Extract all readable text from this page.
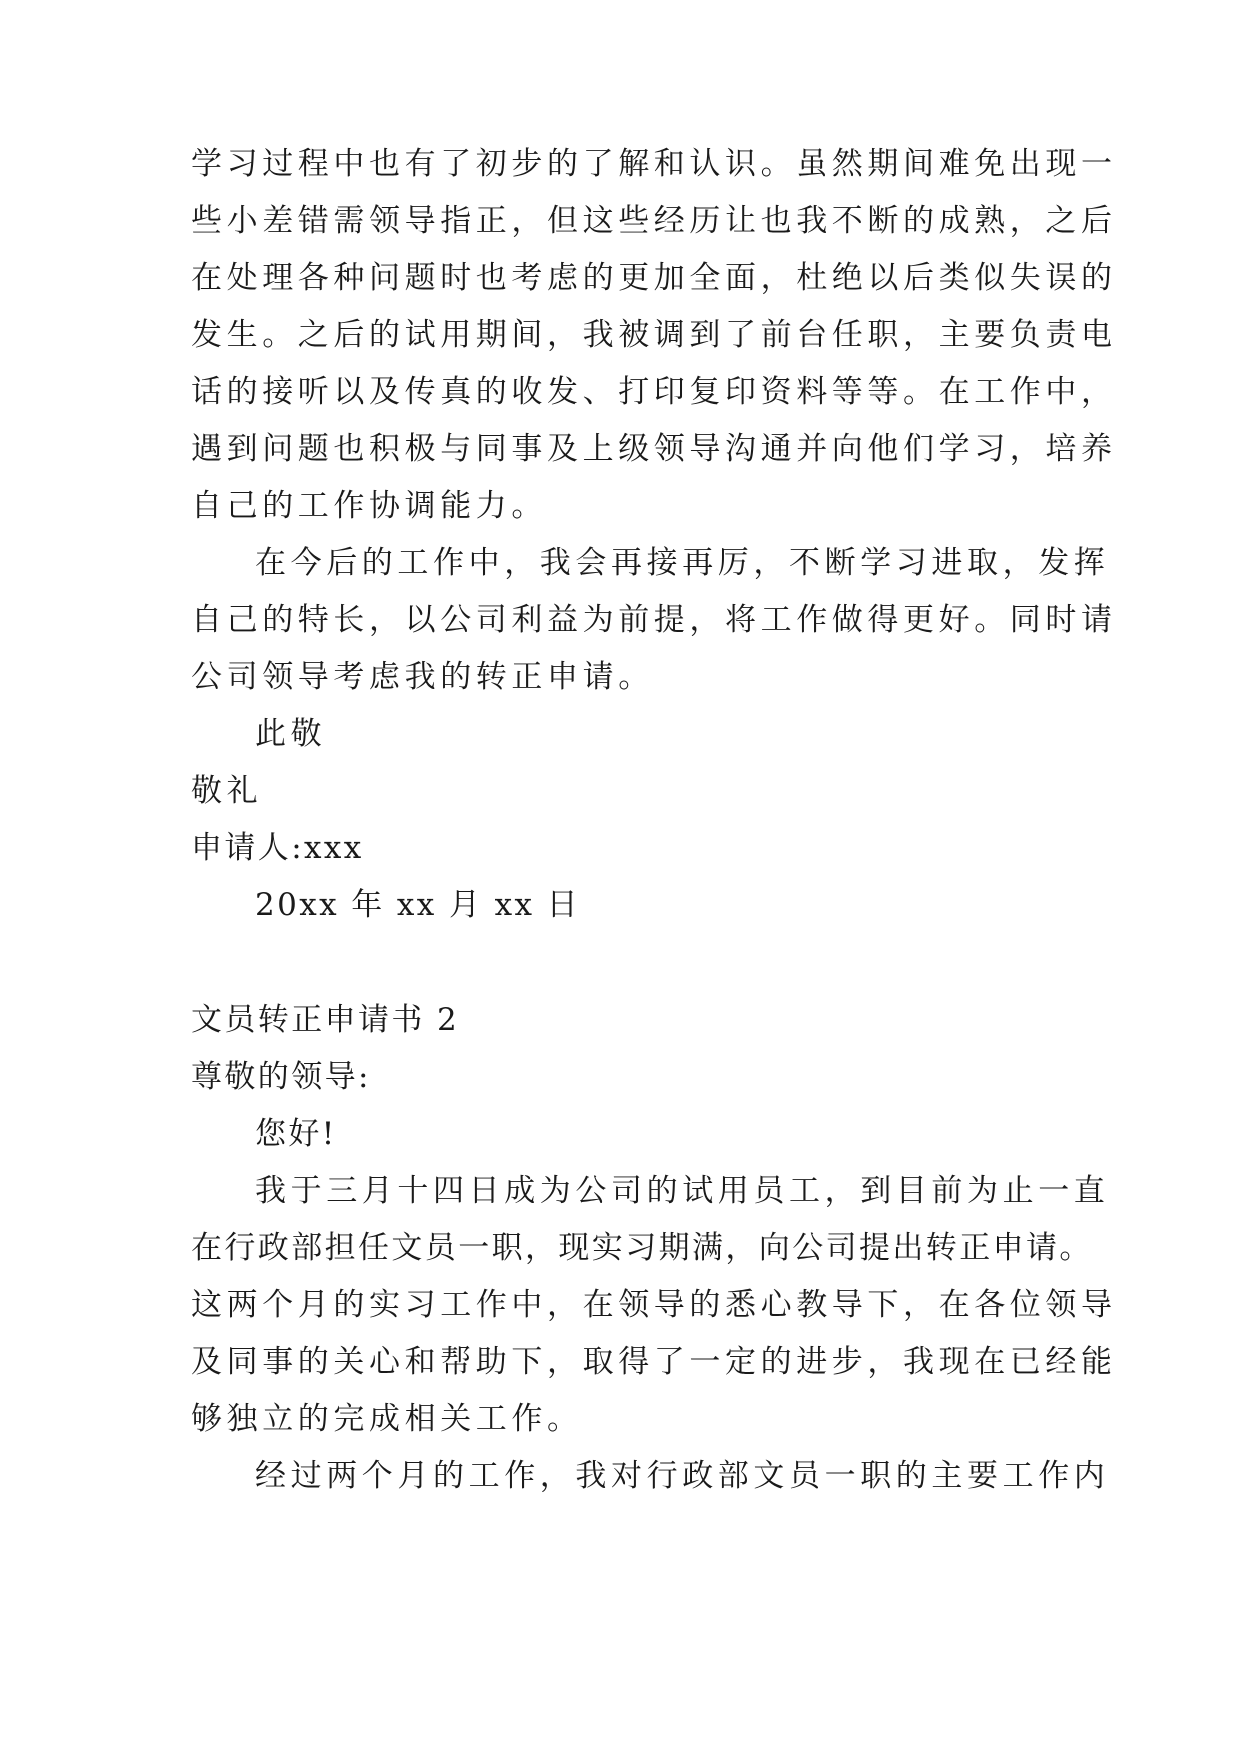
学习过程中也有了初步的了解和认识。虽然期间难免出现一
些小差错需领导指正，但这些经历让也我不断的成熟，之后
在处理各种问题时也考虑的更加全面，杜绝以后类似失误的
发生。之后的试用期间，我被调到了前台任职，主要负责电
话的接听以及传真的收发、打印复印资料等等。在工作中，
遇到问题也积极与同事及上级领导沟通并向他们学习，培养
自己的工作协调能力。
在今后的工作中，我会再接再厉，不断学习进取，发挥
自己的特长，以公司利益为前提，将工作做得更好。同时请
公司领导考虑我的转正申请。
此敬
敬礼
申请人:xxx
20xx 年 xx 月 xx 日
文员转正申请书 2
尊敬的领导:
您好!
我于三月十四日成为公司的试用员工，到目前为止一直
在行政部担任文员一职，现实习期满，向公司提出转正申请。
这两个月的实习工作中，在领导的悉心教导下，在各位领导
及同事的关心和帮助下，取得了一定的进步，我现在已经能
够独立的完成相关工作。
经过两个月的工作，我对行政部文员一职的主要工作内
